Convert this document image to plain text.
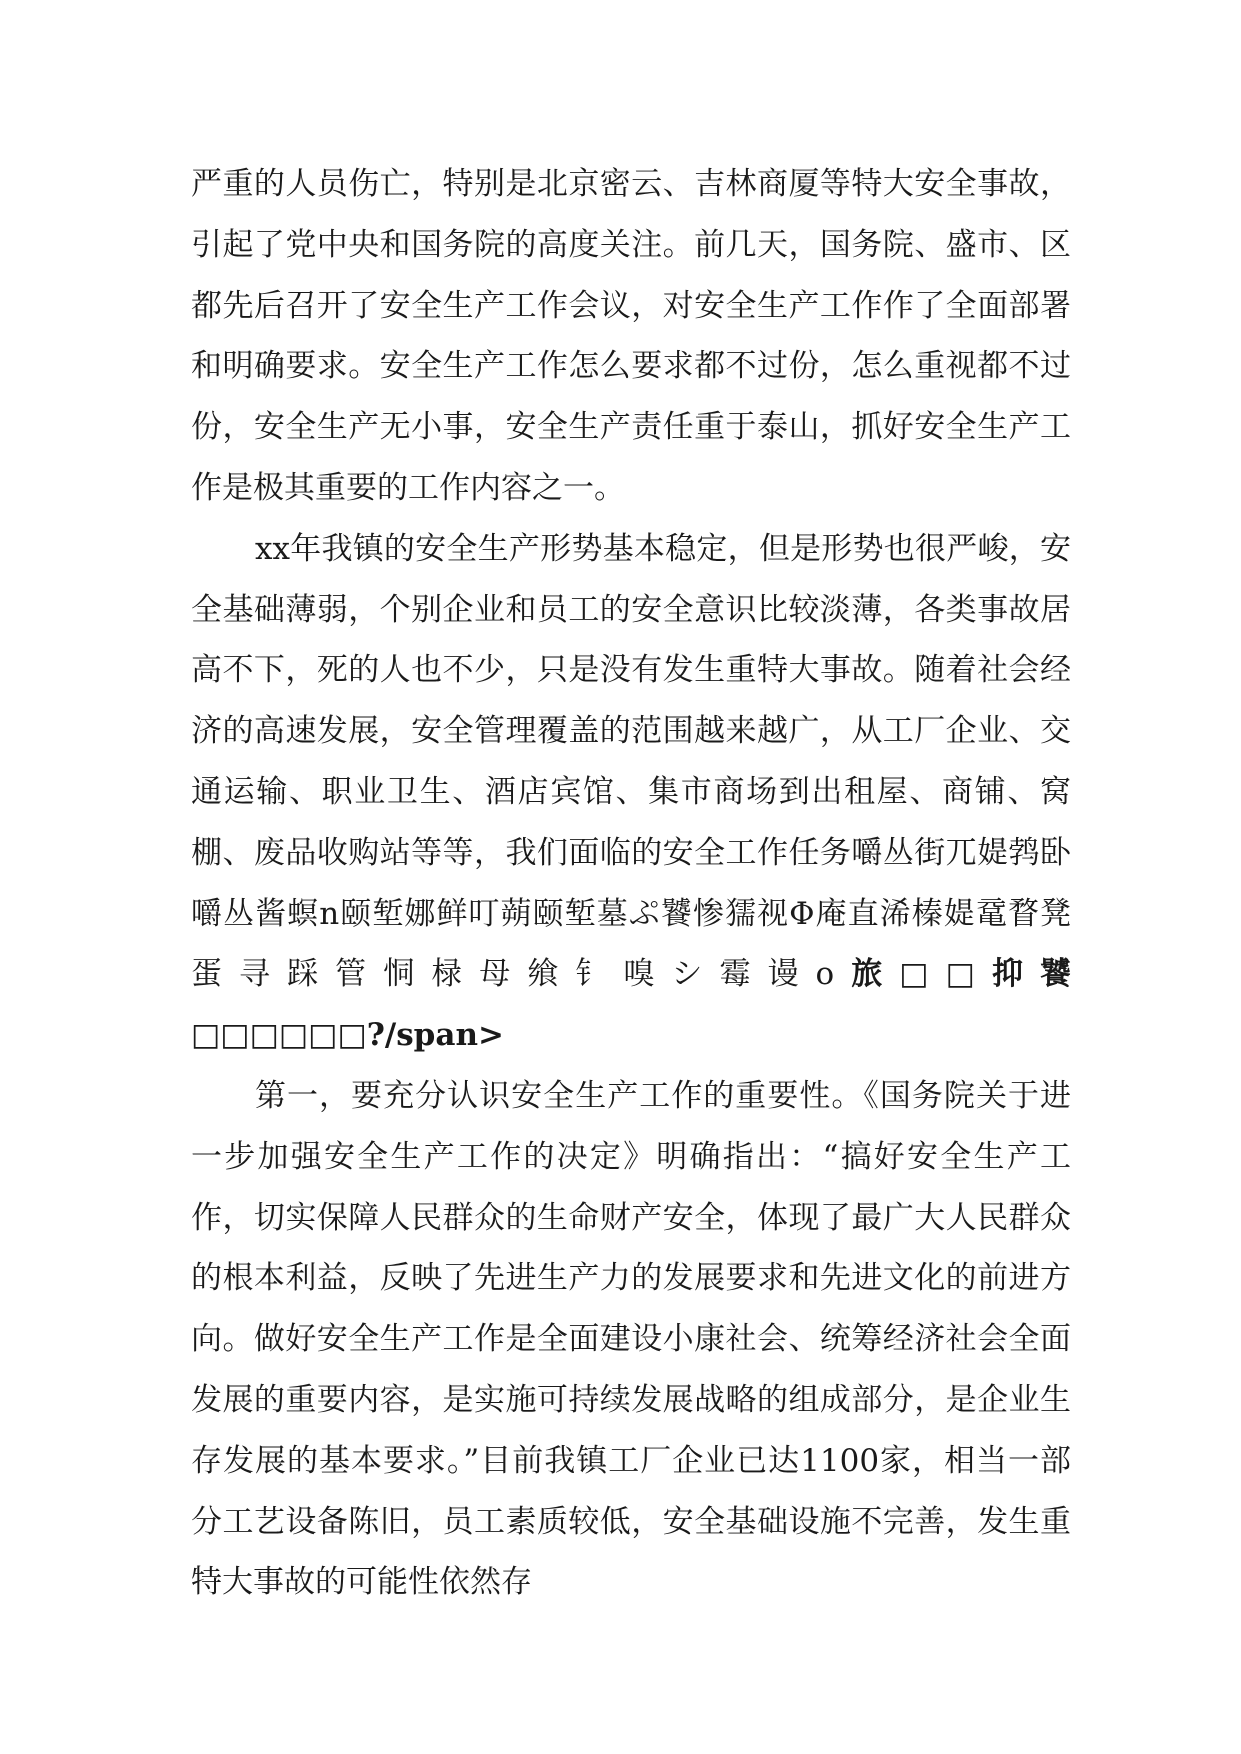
严重的人员伤亡，特别是北京密云、吉林商厦等特大安全事故，引起了党中央和国务院的高度关注。前几天，国务院、盛市、区都先后召开了安全生产工作会议，对安全生产工作作了全面部署和明确要求。安全生产工作怎么要求都不过份，怎么重视都不过份，安全生产无小事，安全生产责任重于泰山，抓好安全生产工作是极其重要的工作内容之一。

xx年我镇的安全生产形势基本稳定，但是形势也很严峻，安全基础薄弱，个别企业和员工的安全意识比较淡薄，各类事故居高不下，死的人也不少，只是没有发生重特大事故。随着社会经济的高速发展，安全管理覆盖的范围越来越广，从工厂企业、交通运输、职业卫生、酒店宾馆、集市商场到出租屋、商铺、窝棚、废品收购站等等，我们面临的安全工作任务嚼丛街兀媞鹁卧嚼丛酱螟n颐堑娜鲜叮蒴颐堑墓ぷ饕惨獳视Φ庵直浠榛媞鼋瞀凳蛋寻踩管恫椂母飨钅嗅シ霉谩o旅□□抑饕□□□□□□?/span>

第一，要充分认识安全生产工作的重要性。《国务院关于进一步加强安全生产工作的决定》明确指出：“搞好安全生产工作，切实保障人民群众的生命财产安全，体现了最广大人民群众的根本利益，反映了先进生产力的发展要求和先进文化的前进方向。做好安全生产工作是全面建设小康社会、统筹经济社会全面发展的重要内容，是实施可持续发展战略的组成部分，是企业生存发展的基本要求。”目前我镇工厂企业已达1100家，相当一部分工艺设备陈旧，员工素质较低，安全基础设施不完善，发生重特大事故的可能性依然存
